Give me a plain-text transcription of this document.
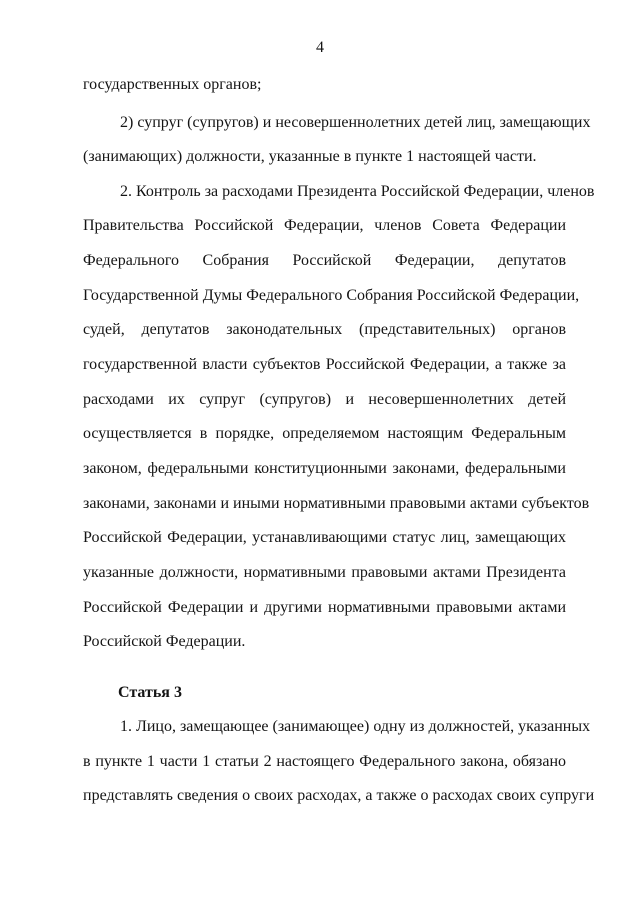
4
государственных органов;
2) супруг (супругов) и несовершеннолетних детей лиц, замещающих
(занимающих) должности, указанные в пункте 1 настоящей части.
2. Контроль за расходами Президента Российской Федерации, членов
Правительства Российской Федерации, членов Совета Федерации
Федерального Собрания Российской Федерации, депутатов
Государственной Думы Федерального Собрания Российской Федерации,
судей, депутатов законодательных (представительных) органов
государственной власти субъектов Российской Федерации, а также за
расходами их супруг (супругов) и несовершеннолетних детей
осуществляется в порядке, определяемом настоящим Федеральным
законом, федеральными конституционными законами, федеральными
законами, законами и иными нормативными правовыми актами субъектов
Российской Федерации, устанавливающими статус лиц, замещающих
указанные должности, нормативными правовыми актами Президента
Российской Федерации и другими нормативными правовыми актами
Российской Федерации.
Статья 3
1. Лицо, замещающее (занимающее) одну из должностей, указанных
в пункте 1 части 1 статьи 2 настоящего Федерального закона, обязано
представлять сведения о своих расходах, а также о расходах своих супруги
